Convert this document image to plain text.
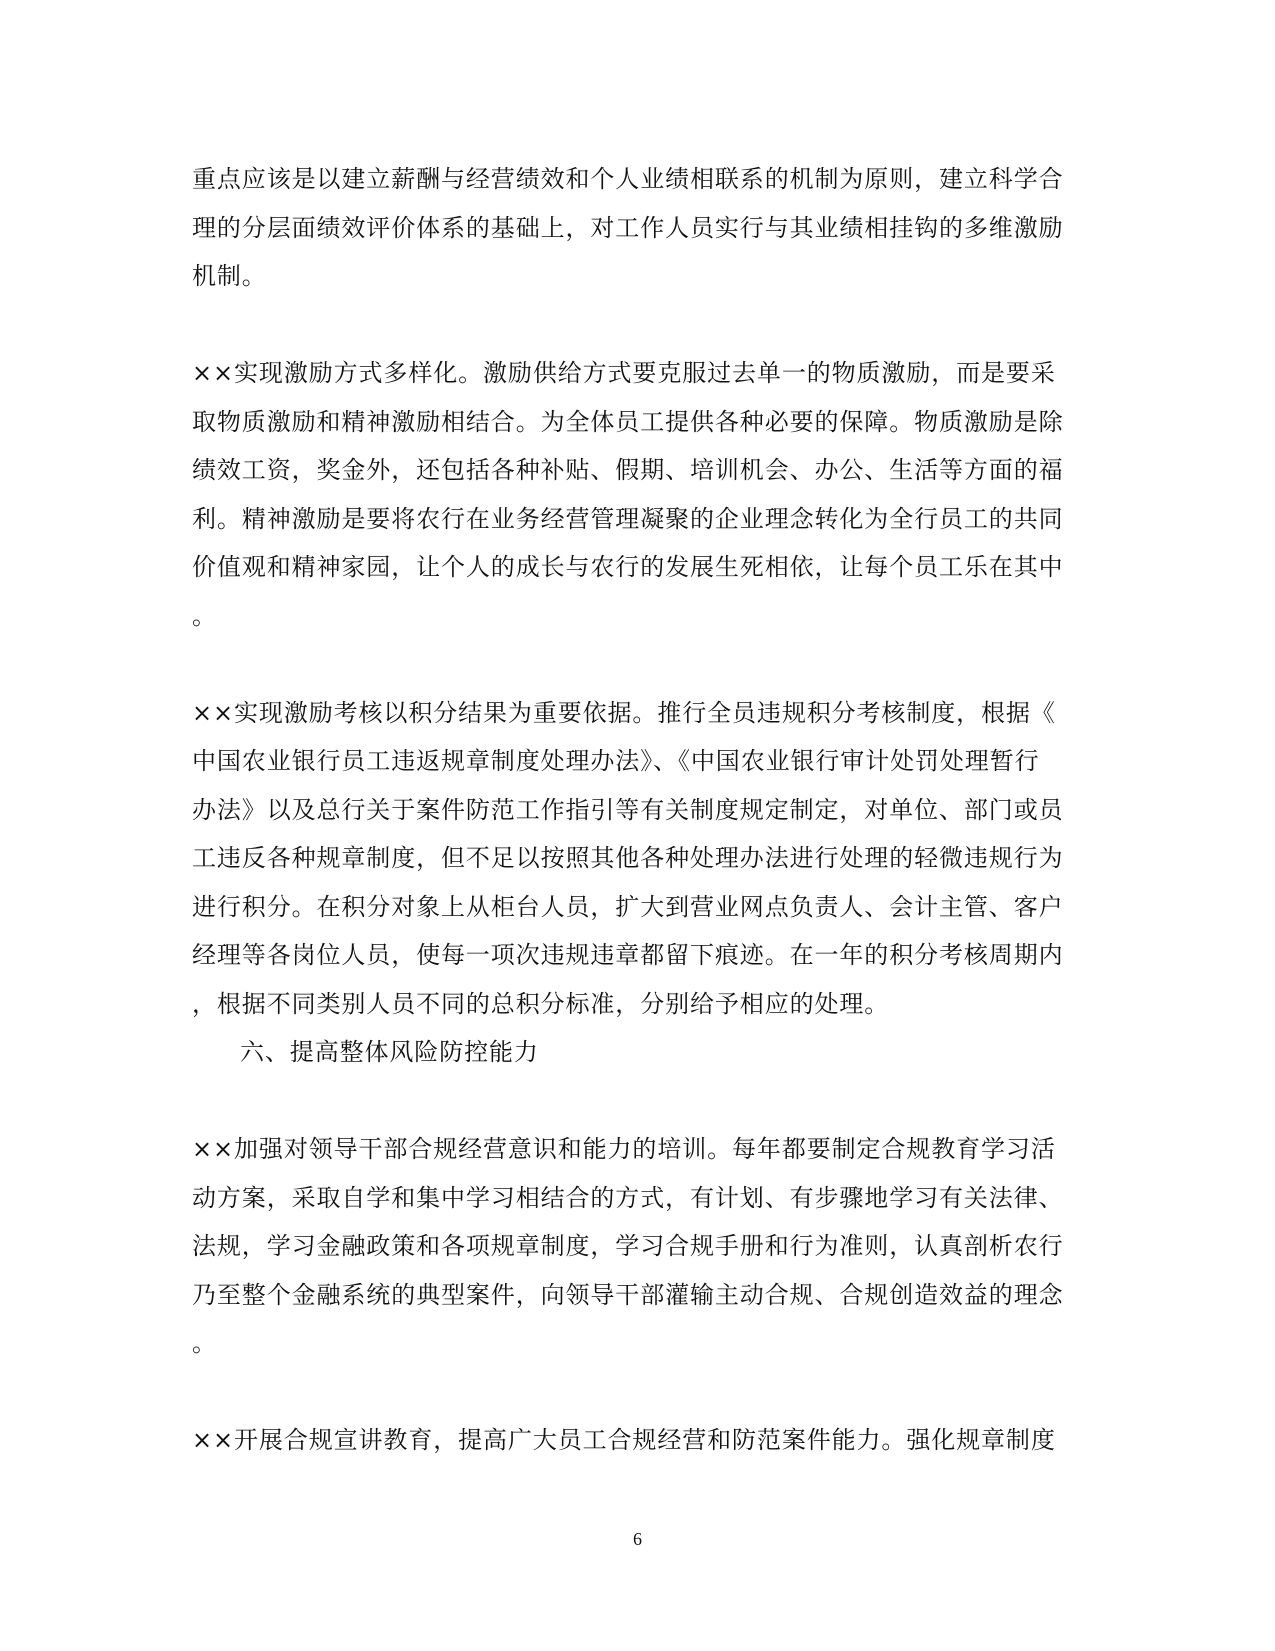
重点应该是以建立薪酬与经营绩效和个人业绩相联系的机制为原则，建立科学合
理的分层面绩效评价体系的基础上，对工作人员实行与其业绩相挂钩的多维激励
机制。
××实现激励方式多样化。激励供给方式要克服过去单一的物质激励，而是要采
取物质激励和精神激励相结合。为全体员工提供各种必要的保障。物质激励是除
绩效工资，奖金外，还包括各种补贴、假期、培训机会、办公、生活等方面的福
利。精神激励是要将农行在业务经营管理凝聚的企业理念转化为全行员工的共同
价值观和精神家园，让个人的成长与农行的发展生死相依，让每个员工乐在其中
。
××实现激励考核以积分结果为重要依据。推行全员违规积分考核制度，根据《
中国农业银行员工违返规章制度处理办法》、《中国农业银行审计处罚处理暂行
办法》以及总行关于案件防范工作指引等有关制度规定制定，对单位、部门或员
工违反各种规章制度，但不足以按照其他各种处理办法进行处理的轻微违规行为
进行积分。在积分对象上从柜台人员，扩大到营业网点负责人、会计主管、客户
经理等各岗位人员，使每一项次违规违章都留下痕迹。在一年的积分考核周期内
，根据不同类别人员不同的总积分标准，分别给予相应的处理。
六、提高整体风险防控能力
××加强对领导干部合规经营意识和能力的培训。每年都要制定合规教育学习活
动方案，采取自学和集中学习相结合的方式，有计划、有步骤地学习有关法律、
法规，学习金融政策和各项规章制度，学习合规手册和行为准则，认真剖析农行
乃至整个金融系统的典型案件，向领导干部灌输主动合规、合规创造效益的理念
。
××开展合规宣讲教育，提高广大员工合规经营和防范案件能力。强化规章制度
6
